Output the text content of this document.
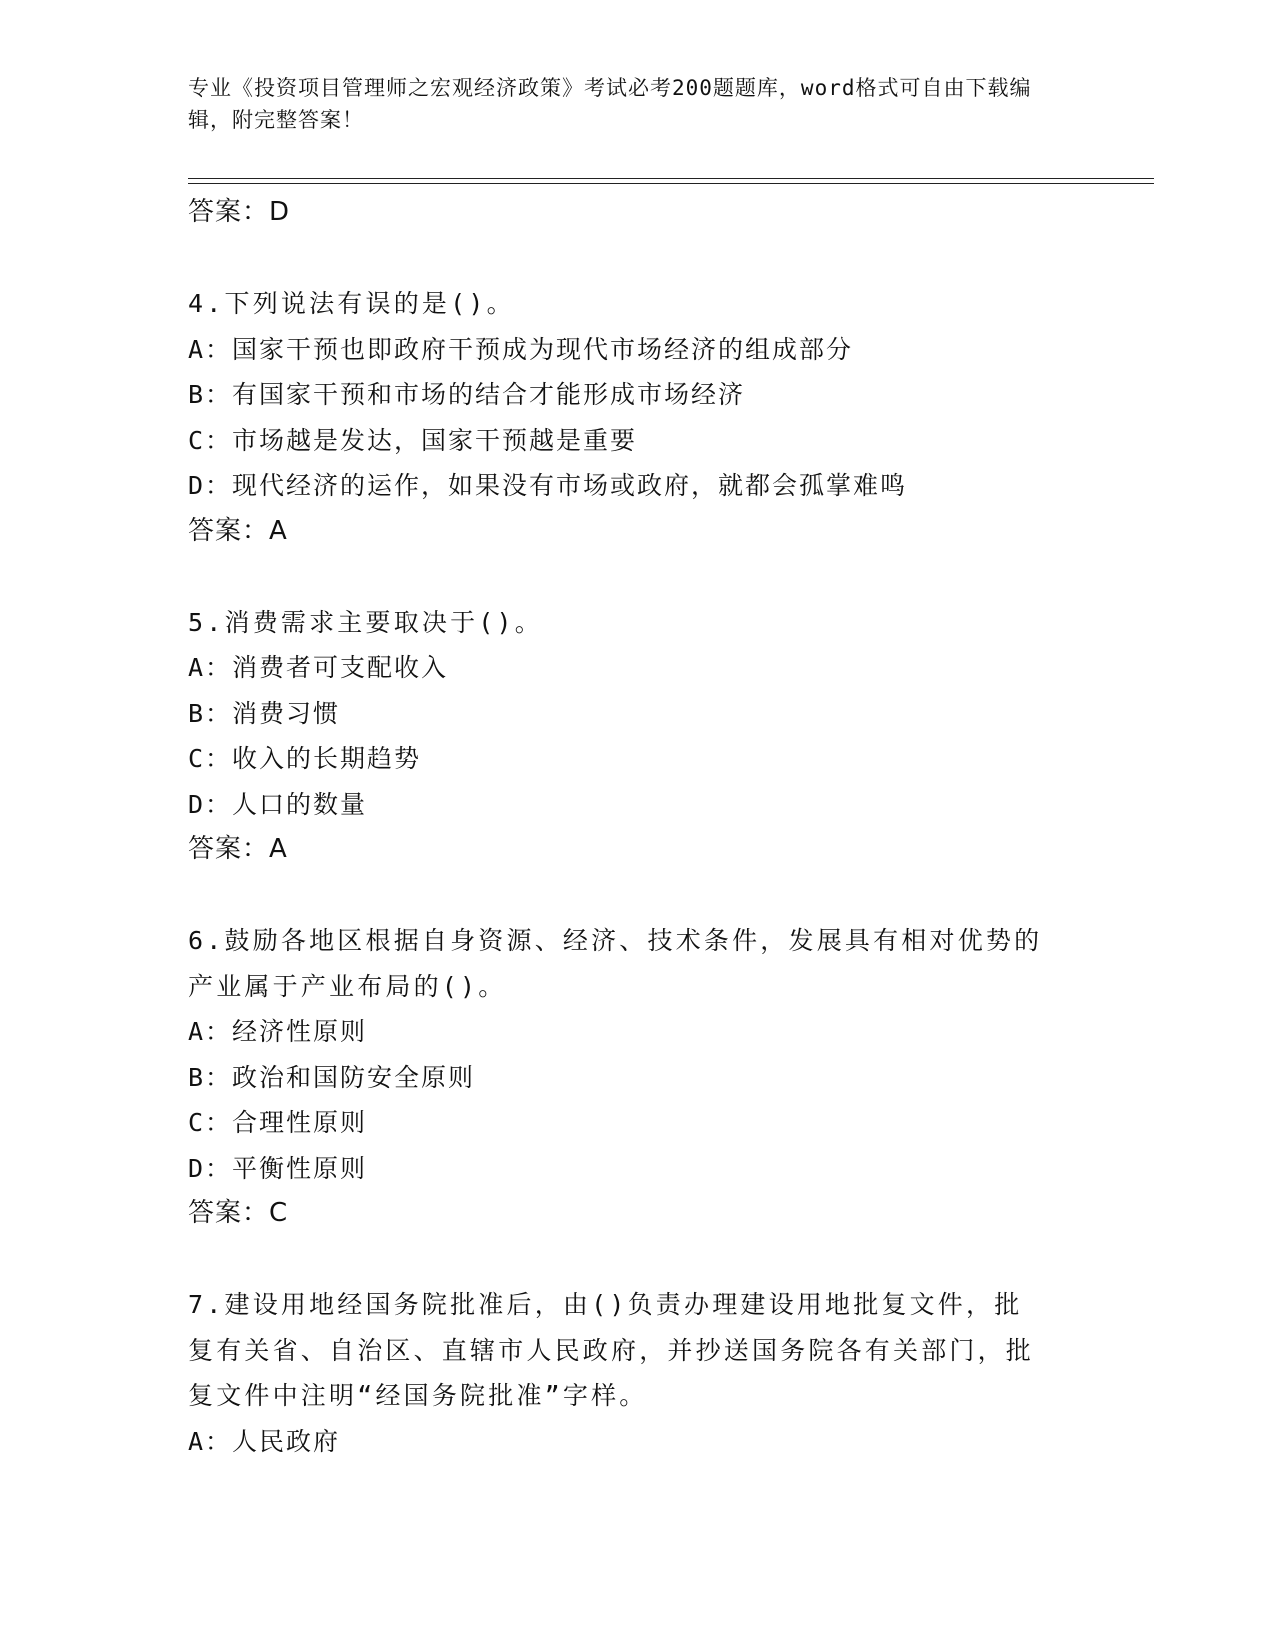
专业《投资项目管理师之宏观经济政策》考试必考200题题库，word格式可自由下载编辑，附完整答案！
答案：D
4.下列说法有误的是()。
A：国家干预也即政府干预成为现代市场经济的组成部分
B：有国家干预和市场的结合才能形成市场经济
C：市场越是发达，国家干预越是重要
D：现代经济的运作，如果没有市场或政府，就都会孤掌难鸣
答案：A
5.消费需求主要取决于()。
A：消费者可支配收入
B：消费习惯
C：收入的长期趋势
D：人口的数量
答案：A
6.鼓励各地区根据自身资源、经济、技术条件，发展具有相对优势的产业属于产业布局的()。
A：经济性原则
B：政治和国防安全原则
C：合理性原则
D：平衡性原则
答案：C
7.建设用地经国务院批准后，由()负责办理建设用地批复文件，批复有关省、自治区、直辖市人民政府，并抄送国务院各有关部门，批复文件中注明“经国务院批准”字样。
A：人民政府
